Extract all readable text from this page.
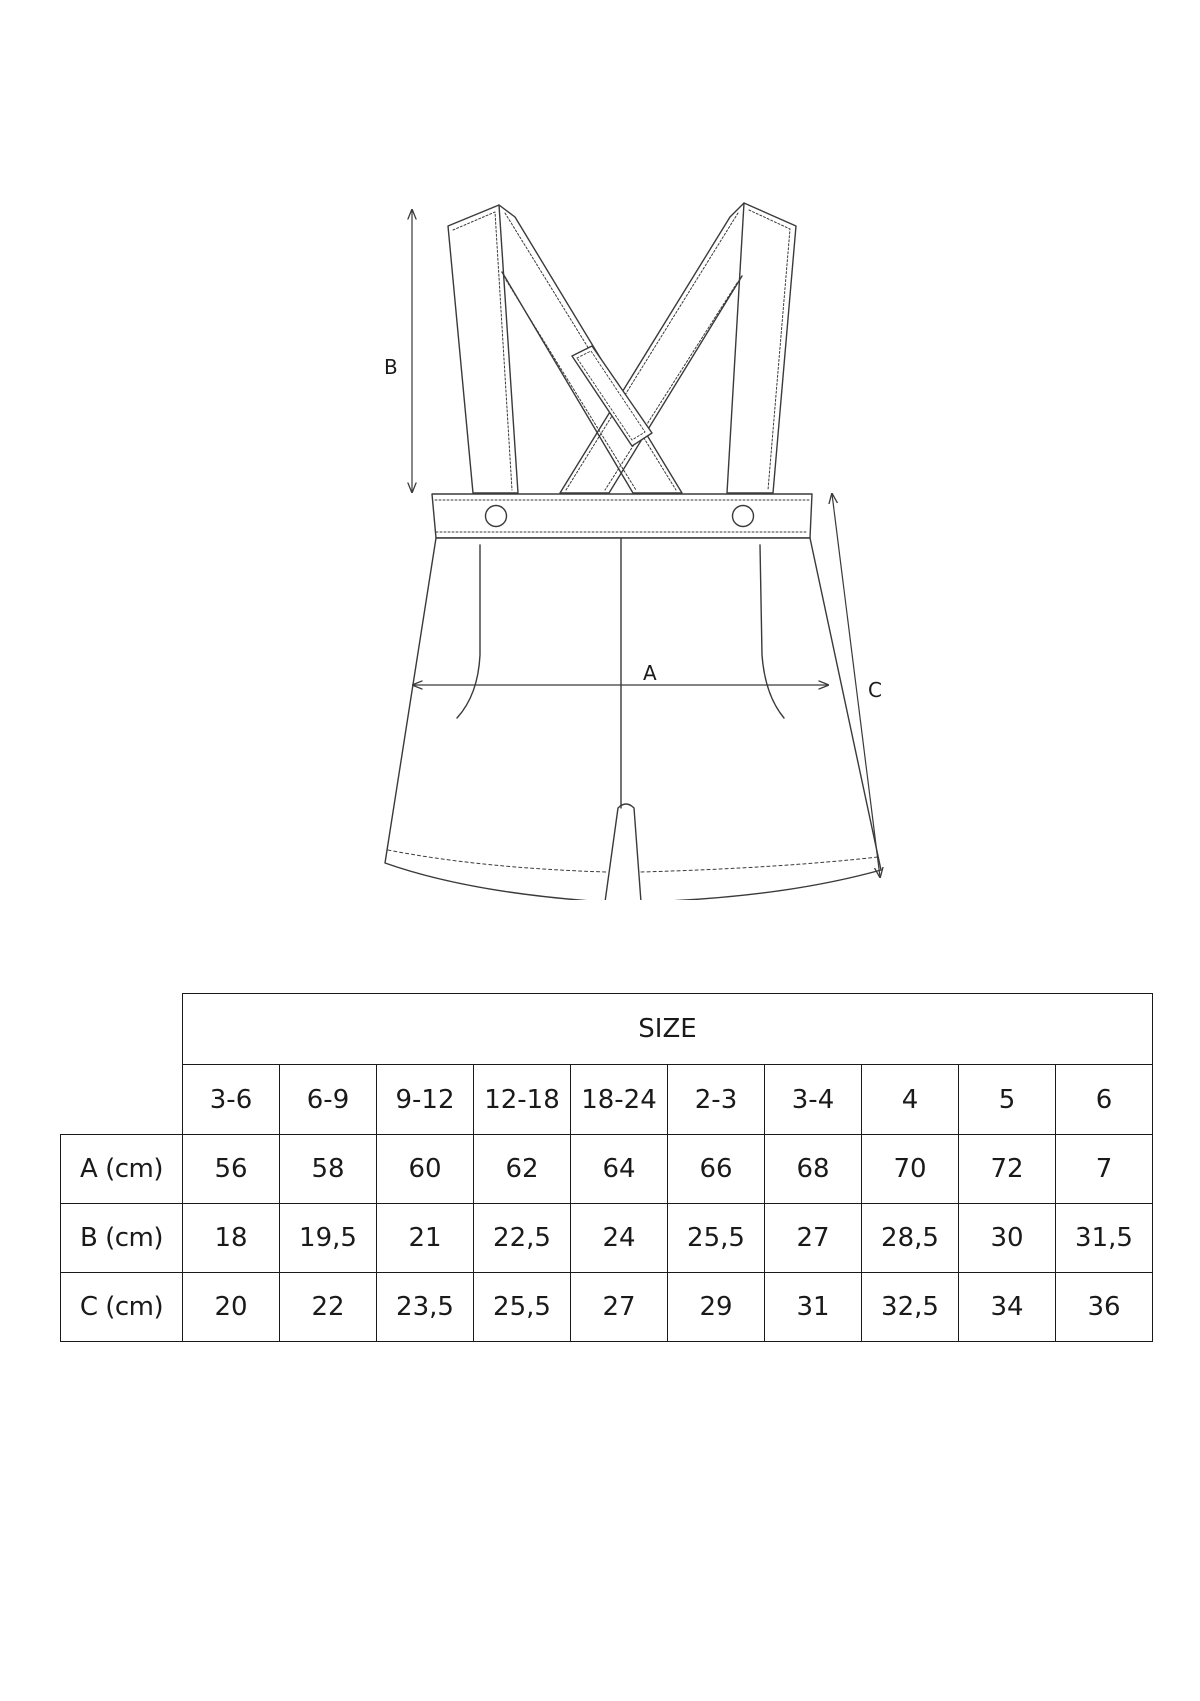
B
A
C
	SIZE									
	3-6	6-9	9-12	12-18	18-24	2-3	3-4	4	5	6
A (cm)	56	58	60	62	64	66	68	70	72	7
B (cm)	18	19,5	21	22,5	24	25,5	27	28,5	30	31,5
C (cm)	20	22	23,5	25,5	27	29	31	32,5	34	36
